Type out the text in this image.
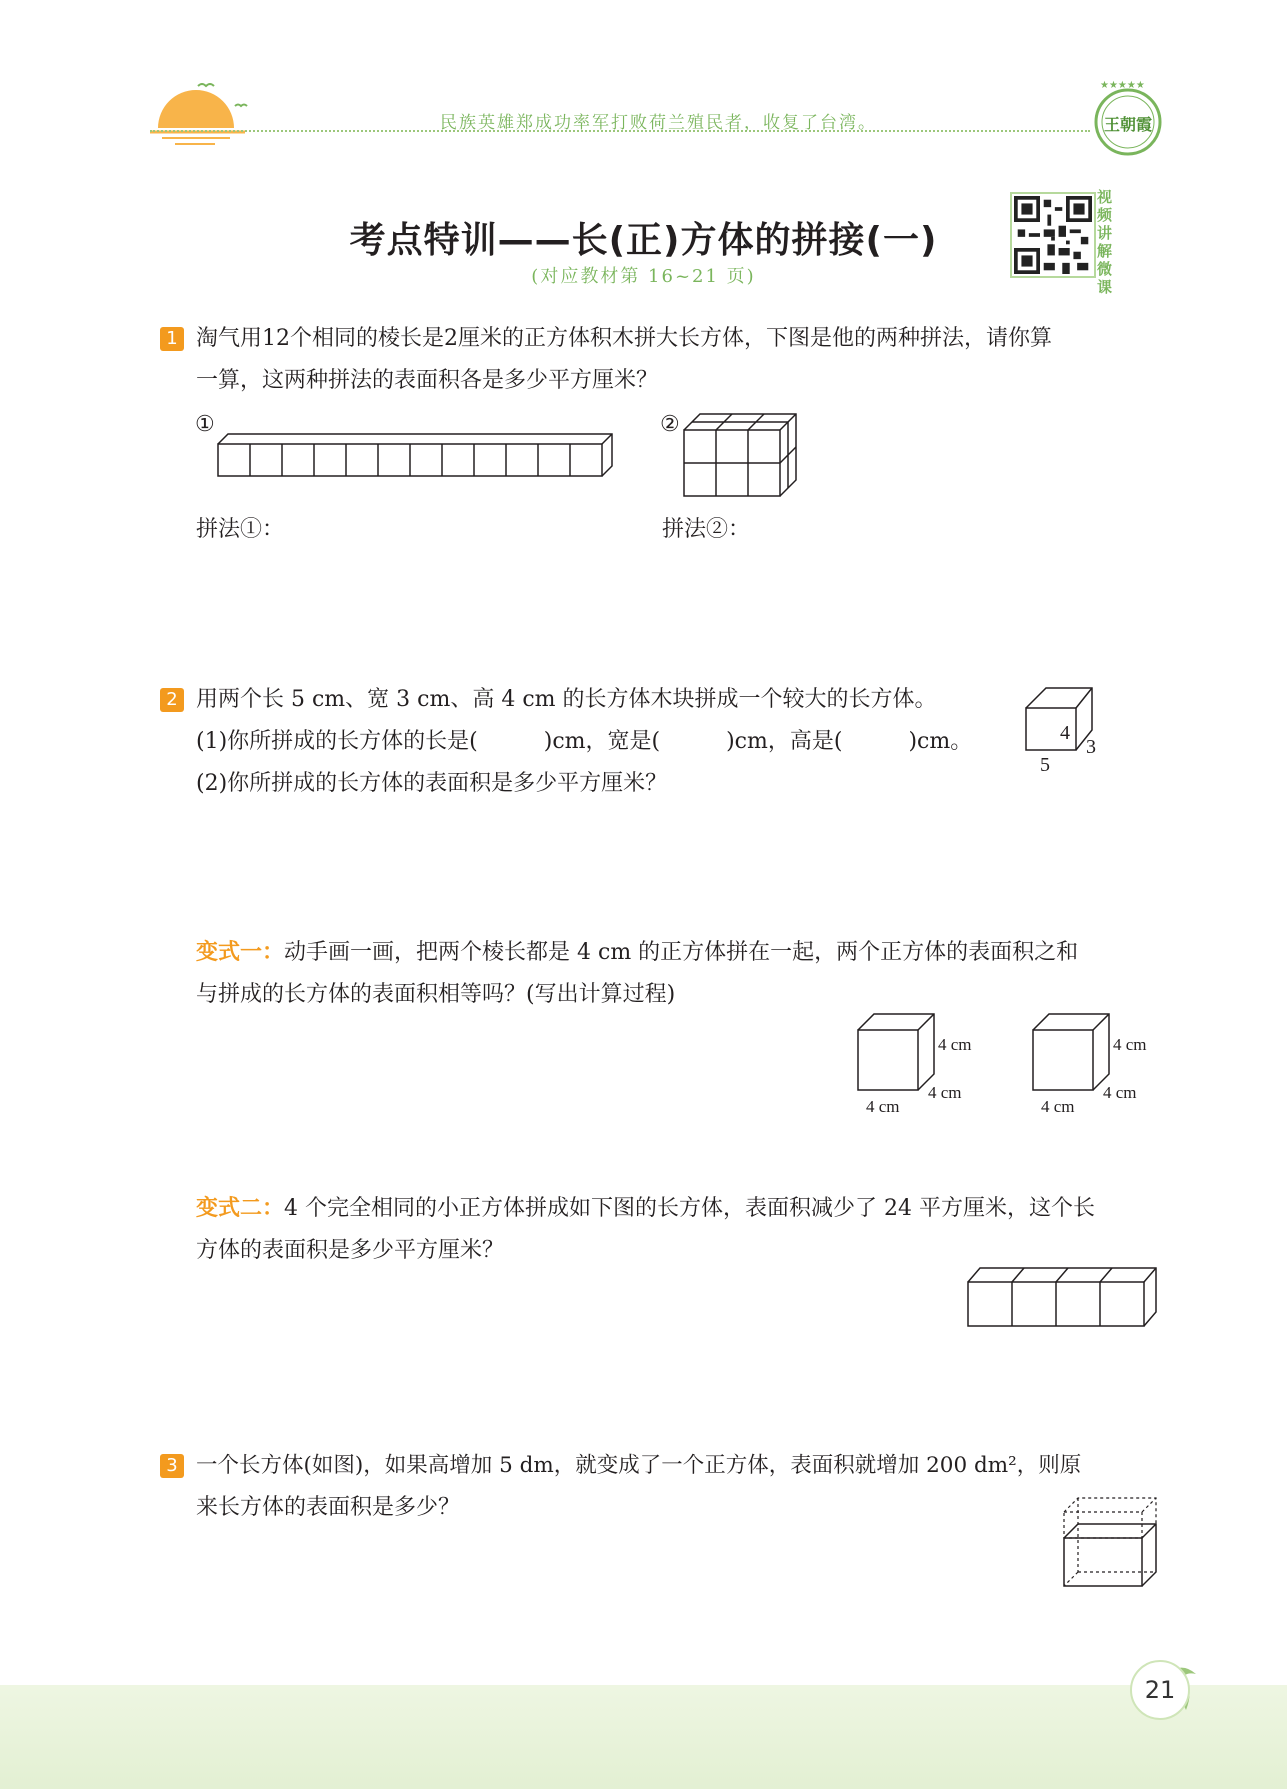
民族英雄郑成功率军打败荷兰殖民者，收复了台湾。
★★★★★
王朝霞
考点特训——长(正)方体的拼接(一)
(对应教材第 16~21 页)
视频讲解微课
1 淘气用12个相同的棱长是2厘米的正方体积木拼大长方体，下图是他的两种拼法，请你算
一算，这两种拼法的表面积各是多少平方厘米？
①	②
拼法①：	拼法②：
2 用两个长 5 cm、宽 3 cm、高 4 cm 的长方体木块拼成一个较大的长方体。
(1)你所拼成的长方体的长是(　　　)cm，宽是(　　　)cm，高是(　　　)cm。
(2)你所拼成的长方体的表面积是多少平方厘米？
4
3
5
变式一：动手画一画，把两个棱长都是 4 cm 的正方体拼在一起，两个正方体的表面积之和
与拼成的长方体的表面积相等吗？(写出计算过程)
4 cm
4 cm
4 cm
4 cm
4 cm
4 cm
变式二：4 个完全相同的小正方体拼成如下图的长方体，表面积减少了 24 平方厘米，这个长
方体的表面积是多少平方厘米？
3 一个长方体(如图)，如果高增加 5 dm，就变成了一个正方体，表面积就增加 200 dm²，则原
来长方体的表面积是多少？
21
